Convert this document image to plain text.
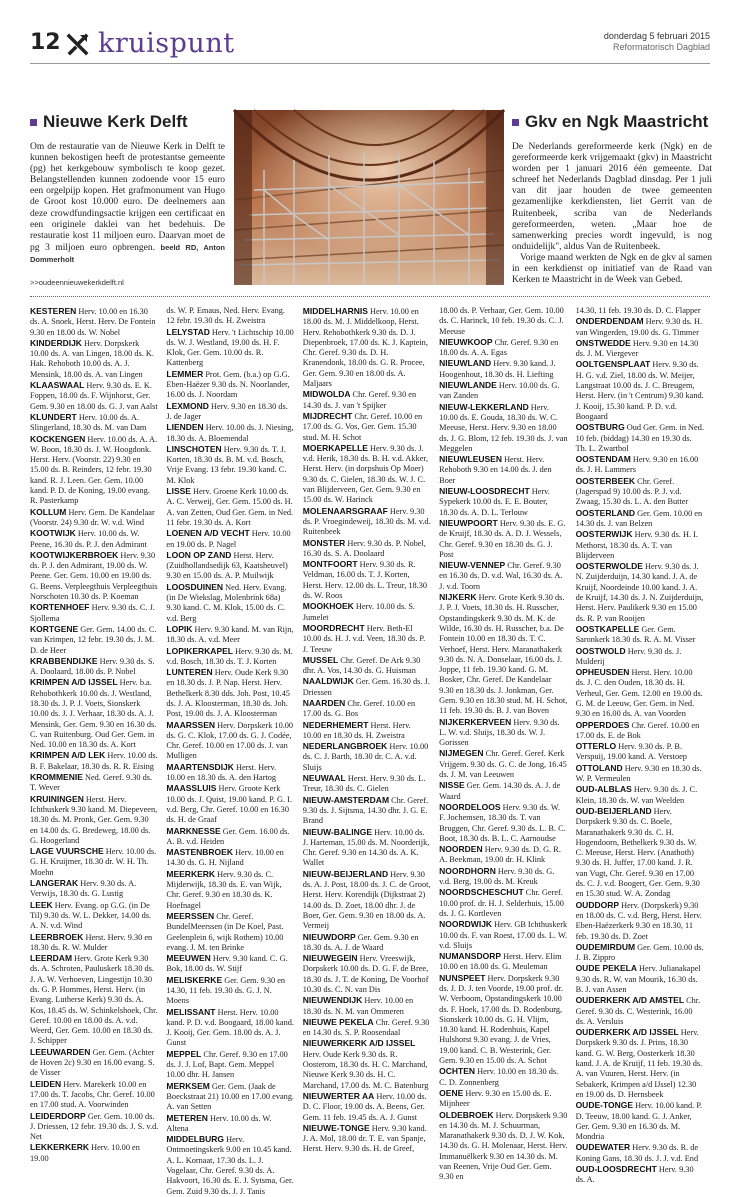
12 kruispunt	donderdag 5 februari 2015
Reformatorisch Dagblad
Nieuwe Kerk Delft

Om de restauratie van de Nieuwe Kerk in Delft te kunnen bekostigen heeft de protestantse gemeente (pg) het kerkgebouw symbolisch te koop gezet. Belangstellenden kunnen zodoende voor 15 euro een orgelpijp kopen. Het grafmonument van Hugo de Groot kost 10.000 euro. De deelnemers aan deze crowdfundingsactie krijgen een certificaat en een originele daklei van het bedehuis. De restauratie kost 11 miljoen euro. Daarvan moet de pg 3 miljoen euro opbrengen. beeld RD, Anton Dommerholt

>>oudeennieuwekerkdelft.nl
Gkv en Ngk Maastricht

De Nederlands gereformeerde kerk (Ngk) en de gereformeerde kerk vrijgemaakt (gkv) in Maastricht worden per 1 januari 2016 één gemeente. Dat schreef het Nederlands Dagblad dinsdag. Per 1 juli van dit jaar houden de twee gemeenten gezamenlijke kerkdiensten, liet Gerrit van de Ruitenbeek, scriba van de Nederlands gereformeerden, weten. „Maar hoe de samenwerking precies wordt ingevuld, is nog onduidelijk", aldus Van de Ruitenbeek.

Vorige maand werkten de Ngk en de gkv al samen in een kerkdienst op initiatief van de Raad van Kerken te Maastricht in de Week van Gebed.

KESTEREN Herv. 10.00 en 16.30 ds. A. Snoek, Herst. Herv. De Fontein 9.30 en 18.00 ds. W. Nobel

KINDERDIJK Herv. Dorpskerk 10.00 ds. A. van Lingen, 18.00 ds. K. Hak. Rehoboth 10.00 ds. A. J. Mensink, 18.00 ds. A. van Lingen

KLAASWAAL Herv. 9.30 ds. E. K. Foppen, 18.00 ds. F. Wijnhorst, Ger. Gem. 9.30 en 18.00 ds. G. J. van Aalst

KLUNDERT Herv. 10.00 ds. A. Slingerland, 18.30 ds. M. van Dam

KOCKENGEN Herv. 10.00 ds. A. A. W. Boon, 18.30 ds. J. W. Hoogdonk. Herst. Herv. (Voorstr. 22) 9.30 en 15.00 ds. B. Reinders, 12 febr. 19.30 kand. R. J. Leen. Ger. Gem. 10.00 kand. P. D. de Koning, 19.00 evang. R. Pasterkamp

KOLLUM Herv. Gem. De Kandelaar (Voorstr. 24) 9.30 dr. W. v.d. Wind

KOOTWIJK Herv. 10.00 ds. W. Peene, 16.30 ds. P. J. den Admirant

KOOTWIJKERBROEK Herv. 9.30 ds. P. J. den Admirant, 19.00 ds. W. Peene. Ger. Gem. 10.00 en 19.00 ds. G. Beens. Verpleegthuis Verpleegthuis Norschoten 10.30 ds. P. Koeman

KORTENHOEF Herv. 9.30 ds. C. J. Sjollema

KORTGENE Ger. Gem. 14.00 ds. C. van Krimpen, 12 febr. 19.30 ds. J. M. D. de Heer

KRABBENDIJKE Herv. 9.30 ds. S. A. Doolaard, 18.00 ds. P. Nobel

KRIMPEN A/D IJSSEL Herv. b.a. Rehobothkerk 10.00 ds. J. Westland, 18.30 ds. J. P. J. Voets, Sionskerk 10.00 ds. J. J. Verhaar, 18.30 ds. A. J. Mensink, Ger. Gem. 9.30 en 16.30 ds. C. van Ruitenburg. Oud Ger. Gem. in Ned. 10.00 en 18.30 ds. A. Kort

KRIMPEN A/D LEK Herv. 10.00 ds. B. F. Bakelaar, 18.30 ds. R. R. Eising

KROMMENIE Ned. Geref. 9.30 ds. T. Wever

KRUININGEN Herst. Herv. Ichthuskerk 9.30 kand. M. Diepeveen, 18.30 ds. M. Pronk, Ger. Gem. 9.30 en 14.00 ds. G. Bredeweg, 18.00 ds. G. Hoogerland

LAGE VUURSCHE Herv. 10.00 ds. G. H. Kruijmer, 18.30 dr. W. H. Th. Moehn

LANGERAK Herv. 9.30 ds. A. Verwijs, 18.30 ds. G. Lustig

LEEK Herv. Evang. op G.G. (in De Til) 9.30 ds. W. L. Dekker, 14.00 ds. A. N. v.d. Wind

LEERBROEK Herst. Herv. 9.30 en 18.30 ds. R. W. Mulder

LEERDAM Herv. Grote Kerk 9.30 ds. A. Schroten, Pauluskerk 18.30 ds. J. A. W. Verhoeven, Lingestijn 10.30 ds. G. P. Hommes, Herst. Herv. (in Evang. Lutherse Kerk) 9.30 ds. A. Kos, 18.45 ds. W. Schinkelshoek, Chr. Geref. 10.00 en 18.00 ds. A. v.d. Weerd, Ger. Gem. 10.00 en 18.30 ds. J. Schipper

LEEUWARDEN Ger. Gem. (Achter de Hoven 2c) 9.30 en 16.00 evang. S. de Visser

LEIDEN Herv. Marekerk 10.00 en 17.00 ds. T. Jacobs, Chr. Geref. 10.00 en 17.00 stud. A. Voorwinden

LEIDERDORP Ger. Gem. 10.00 ds. J. Driessen, 12 febr. 19.30 ds. J. S. v.d. Net

LEKKERKERK Herv. 10.00 en 19.00

ds. W. P. Emaus, Ned. Herv. Evang. 12 febr. 19.30 ds. H. Zweistra

LELYSTAD Herv. 't Lichtschip 10.00 ds. W. J. Westland, 19.00 ds. H. F. Klok, Ger. Gem. 10.00 ds. R. Kattenberg

LEMMER Prot. Gem. (b.a.) op G.G. Eben-Haëzer 9.30 ds. N. Noorlander, 16.00 ds. J. Noordam

LEXMOND Herv. 9.30 en 18.30 ds. J. de Jager

LIENDEN Herv. 10.00 ds. J. Niesing, 18.30 ds. A. Bloemendal

LINSCHOTEN Herv. 9.30 ds. T. J. Korten, 18.30 ds. B. M. v.d. Bosch, Vrije Evang. 13 febr. 19.30 kand. C. M. Klok

LISSE Herv. Groene Kerk 10.00 ds. A. C. Verweij, Ger. Gem. 15.00 ds. H. A. van Zetten, Oud Ger. Gem. in Ned. 11 febr. 19.30 ds. A. Kort

LOENEN A/D VECHT Herv. 10.00 en 19.00 ds. P. Nagel

LOON OP ZAND Herst. Herv. (Zuidhollandsedijk 63, Kaatsheuvel) 9.30 en 15.00 ds. A. P. Muilwijk

LOOSDUINEN Ned. Herv. Evang. (in De Wiekslag, Molenbrink 68a) 9.30 kand. C. M. Klok, 15.00 ds. C. v.d. Berg

LOPIK Herv. 9.30 kand. M. van Rijn, 18.30 ds. A. v.d. Meer

LOPIKERKAPEL Herv. 9.30 ds. M. v.d. Bosch, 18.30 ds. T. J. Korten

LUNTEREN Herv. Oude Kerk 9.30 en 18.30 ds. J. P. Nap. Herst. Herv. Bethelkerk 8.30 dds. Joh. Post, 10.45 ds. J. A. Kloosterman, 18.30 ds. Joh. Post, 19.00 ds. J. A. Kloosterman

MAARSSEN Herv. Dorpskerk 10.00 ds. G. C. Klok, 17.00 ds. G. J. Codée, Chr. Geref. 10.00 en 17.00 ds. J. van Mulligen

MAARTENSDIJK Herst. Herv. 10.00 en 18.30 ds. A. den Hartog

MAASSLUIS Herv. Groote Kerk 10.00 ds. J. Quist, 19.00 kand. P. G. I. v.d. Berg, Chr. Geref. 10.00 en 16.30 ds. H. de Graaf

MARKNESSE Ger. Gem. 16.00 ds. A. B. v.d. Heiden

MASTENBROEK Herv. 10.00 en 14.30 ds. G. H. Nijland

MEERKERK Herv. 9.30 ds. C. Mijderwijk, 18.30 ds. E. van Wijk, Chr. Geref. 9.30 en 18.30 ds. K. Hoefnagel

MEERSSEN Chr. Geref. BundelMeerssen (in De Koel, Past. Geelenplein 6, wijk Rothem) 10.00 evang. J. M. ten Brinke

MEEUWEN Herv. 9.30 kand. C. G. Bok, 18.00 ds. W. Stijf

MELISKERKE Ger. Gem. 9.30 en 14.30, 11 feb. 19.30 ds. G. J. N. Moens

MELISSANT Herst. Herv. 10.00 kand. P. D. v.d. Boogaard, 18.00 kand. J. Kooij, Ger. Gem. 18.00 ds. A. J. Gunst

MEPPEL Chr. Geref. 9.30 en 17.00 ds. J. J. Lof, Bapt. Gem. Meppel 10.00 dhr. H. Jansen

MERKSEM Ger. Gem. (Jaak de Boeckstraat 21) 10.00 en 17.00 evang. A. van Setten

METEREN Herv. 10.00 ds. W. Altena

MIDDELBURG Herv. Ontmoetingskerk 9.00 en 10.45 kand. A. L. Kornaat, 17.30 ds. L. J. Vogelaar, Chr. Geref. 9.30 ds. A. Hakvoort, 16.30 ds. E. J. Sytsma, Ger. Gem. Zuid 9.30 ds. J. J. Tanis

MIDDELHARNIS Herv. 10.00 en 18.00 ds. M. J. Middelkoop, Herst. Herv. Rehobothkerk 9.30 ds. D. J. Diepenbroek, 17.00 ds. K. J. Kaptein, Chr. Geref. 9.30 ds. D. H. Kranendonk, 18.00 ds. G. R. Procee, Ger. Gem. 9.30 en 18.00 ds. A. Maljaars

MIDWOLDA Chr. Geref. 9.30 en 14.30 ds. J. van 't Spijker

MIJDRECHT Chr. Geref. 10.00 en 17.00 ds. G. Vos, Ger. Gem. 15.30 stud. M. H. Schot

MOERKAPELLE Herv. 9.30 ds. J. v.d. Herik, 18.30 ds. B. H. v.d. Akker, Herst. Herv. (in dorpshuis Op Moer) 9.30 ds. C. Gielen, 18.30 ds. W. J. C. van Blijderveen, Ger. Gem. 9.30 en 15.00 ds. W. Harinck

MOLENAARSGRAAF Herv. 9.30 ds. P. Vroegindeweij, 18.30 ds. M. v.d. Ruitenbeek

MONSTER Herv. 9.30 ds. P. Nobel, 16.30 ds. S. A. Doolaard

MONTFOORT Herv. 9.30 ds. R. Veldman, 16.00 ds. T. J. Korten, Herst. Herv. 12.00 ds. L. Treur, 18.30 ds. W. Roos

MOOKHOEK Herv. 10.00 ds. S. Jumelet

MOORDRECHT Herv. Beth-El 10.00 ds. H. J. v.d. Veen, 18.30 ds. P. J. Teeuw

MUSSEL Chr. Geref. De Ark 9.30 dhr. A. Vos, 14.30 ds. G. Huisman

NAALDWIJK Ger. Gem. 16.30 ds. J. Driessen

NAARDEN Chr. Geref. 10.00 en 17.00 ds. G. Bos

NEDERHEMERT Herst. Herv. 10.00 en 18.30 ds. H. Zweistra

NEDERLANGBROEK Herv. 10.00 ds. C. J. Barth, 18.30 dr. C. A. v.d. Sluijs

NEUWAAL Herst. Herv. 9.30 ds. L. Treur, 18.30 ds. C. Gielen

NIEUW-AMSTERDAM Chr. Geref. 9.30 ds. J. Sijtsma, 14.30 dhr. J. G. E. Brand

NIEUW-BALINGE Herv. 10.00 ds. J. Harteman, 15.00 ds. M. Noorderijk, Chr. Geref. 9.30 en 14.30 ds. A. K. Wallet

NIEUW-BEIJERLAND Herv. 9.30 ds. A. J. Post, 18.00 ds. J. C. de Groot, Herst. Herv. Korendijk (Dijkstraat 2) 14.00 ds. D. Zoet, 18.00 dhr. J. de Boer, Ger. Gem. 9.30 en 18.00 ds. A. Vermeij

NIEUWDORP Ger. Gem. 9.30 en 18.30 ds. A. J. de Waard

NIEUWEGEIN Herv. Vreeswijk, Dorpskerk 10.00 ds. D. G. F. de Bree, 18.30 ds. J. T. de Koning, De Voorhof 10.30 ds. C. N. van Dis

NIEUWENDIJK Herv. 10.00 en 18.30 ds. N. M. van Ommeren

NIEUWE PEKELA Chr. Geref. 9.30 en 14.30 ds. S. P. Roosendaal

NIEUWERKERK A/D IJSSEL Herv. Oude Kerk 9.30 ds. R. Oosterom, 18.30 ds. H. C. Marchand, Nieuwe Kerk 9.30 ds. H. C. Marchand, 17.00 ds. M. C. Batenburg

NIEUWERTER AA Herv. 10.00 ds. D. C. Floor, 19.00 ds. A. Beens, Ger. Gem. 11 feb. 19.45 ds. A. J. Gunst

NIEUWE-TONGE Herv. 9.30 kand. J. A. Mol, 18.00 dr. T. E. van Spanje, Herst. Herv. 9.30 ds. H. de Greef,

18.00 ds. P. Verhaar, Ger. Gem. 10.00 ds. C. Harinck, 10 feb. 19.30 ds. C. J. Meeuse

NIEUWKOOP Chr. Geref. 9.30 en 18.00 ds. A. A. Egas

NIEUWLAND Herv. 9.30 kand. J. Hoogenhout, 18.30 ds. H. Liefting

NIEUWLANDE Herv. 10.00 ds. G. van Zanden

NIEUW-LEKKERLAND Herv. 10.00 ds. E. Gouda, 18.30 ds. W. C. Meeuse, Herst. Herv. 9.30 en 18.00 ds. J. G. Blom, 12 feb. 19.30 ds. J. van Meggelen

NIEUWLEUSEN Herst. Herv. Rehoboth 9.30 en 14.00 ds. J. den Boer

NIEUW-LOOSDRECHT Herv. Sypekerk 10.00 ds. E. E. Bouter, 18.30 ds. A. D. L. Terlouw

NIEUWPOORT Herv. 9.30 ds. E. G. de Kruijf, 18.30 ds. A. D. J. Wessels, Chr. Geref. 9.30 en 18.30 ds. G. J. Post

NIEUW-VENNEP Chr. Geref. 9.30 en 16.30 ds. D. v.d. Wal, 16.30 ds. A. J. v.d. Toorn

NIJKERK Herv. Grote Kerk 9.30 ds. J. P. J. Voets, 18.30 ds. H. Russcher, Opstandingskerk 9.30 ds. M. K. de Wilde, 16.30 ds. H. Russcher, b.a. De Fontein 10.00 en 18.30 ds. T. C. Verhoef, Herst. Herv. Maranathakerk 9.30 ds. N. A. Donselaar, 16.00 ds. J. Joppe, 11 feb. 19.30 kand. G. M. Bosker, Chr. Geref. De Kandelaar 9.30 en 18.30 ds. J. Jonkman, Ger. Gem. 9.30 en 18.30 stud. M. H. Schot, 11 feb. 19.30 ds. B. J. van Boven

NIJKERKERVEEN Herv. 9.30 ds. L. W. v.d. Sluijs, 18.30 ds. W. J. Gorissen

NIJMEGEN Chr. Geref. Geref. Kerk Vrijgem. 9.30 ds. G. C. de Jong, 16.45 ds. J. M. van Leeuwen

NISSE Ger. Gem. 14.30 ds. A. J. de Waard

NOORDELOOS Herv. 9.30 ds. W. F. Jochemsen, 18.30 ds. T. van Bruggen, Chr. Geref. 9.30 ds. L. B. C. Boot, 18.30 ds. B. L. C. Aarnoudse

NOORDEN Herv. 9.30 ds. D. G. R. A. Beekman, 19.00 dr. H. Klink

NOORDHORN Herv. 9.30 ds. G. v.d. Berg, 19.00 ds. M. Kreuk

NOORDSCHESCHUT Chr. Geref. 10.00 prof. dr. H. J. Selderhuis, 15.00 ds. J. G. Kortleven

NOORDWIJK Herv. GB Ichthuskerk 10.00 ds. F. van Roest, 17.00 ds. L. W. v.d. Sluijs

NUMANSDORP Herst. Herv. Elim 10.00 en 18.00 ds. G. Meuleman

NUNSPEET Herv. Dorpskerk 9.30 ds. J. D. J. ten Voorde, 19.00 prof. dr. W. Verboom, Opstandingskerk 10.00 ds. F. Hoek, 17.00 ds. D. Rodenburg, Sionskerk 10.00 ds. G. H. Vlijm, 18.30 kand. H. Rodenhuis, Kapel Hulshorst 9.30 evang. J. de Vries, 19.00 kand. C. B. Westerink, Ger. Gem. 9.30 en 15.00 ds. A. Schot

OCHTEN Herv. 10.00 en 18.30 ds. C. D. Zonnenberg

OENE Herv. 9.30 en 15.00 ds. E. Mijnheer

OLDEBROEK Herv. Dorpskerk 9.30 en 14.30 ds. M. J. Schuurman, Maranathakerk 9.30 ds. D. J. W. Kok, 14.30 ds. G. H. Molenaar, Herst. Herv. Immanuëlkerk 9.30 en 14.30 ds. M. van Reenen, Vrije Oud Ger. Gem. 9.30 en

14.30, 11 feb. 19.30 ds. D. C. Flapper

ONDERDENDAM Herv. 9.30 ds. H. van Wingerden, 19.00 ds. G. Timmer

ONSTWEDDE Herv. 9.30 en 14.30 ds. J. M. Viergever

OOLTGENSPLAAT Herv. 9.30 ds. H. G. v.d. Ziel, 18.00 ds. W. Meijer, Langstraat 10.00 ds. J. C. Breugem, Herst. Herv. (in 't Centrum) 9.30 kand. J. Kooij, 15.30 kand. P. D. v.d. Boogaard

OOSTBURG Oud Ger. Gem. in Ned. 10 feb. (biddag) 14.30 en 19.30 ds. Th. L. Zwartbol

OOSTENDAM Herv. 9.30 en 16.00 ds. J. H. Lammers

OOSTERBEEK Chr. Geref. (Jagerspad 9) 10.00 ds. P. J. v.d. Zwaag, 15.30 ds. L. A. den Butter

OOSTERLAND Ger. Gem. 10.00 en 14.30 ds. J. van Belzen

OOSTERWIJK Herv. 9.30 ds. H. I. Methorst, 18.30 ds. A. T. van Blijderveen

OOSTERWOLDE Herv. 9.30 ds. J. N. Zuijderduijn, 14.30 kand. J. A. de Kruijf, Noordeinde 10.00 kand. J. A. de Kruijf, 14.30 ds. J. N. Zuijderduijn, Herst. Herv. Paulikerk 9.30 en 15.00 ds. R. P. van Rooijen

OOSTKAPELLE Ger. Gem. Saronkerk 18.30 ds. R. A. M. Visser

OOSTWOLD Herv. 9.30 ds. J. Mulderij

OPHEUSDEN Herst. Herv. 10.00 ds. J. C. den Ouden, 18.30 ds. H. Verheul, Ger. Gem. 12.00 en 19.00 ds. G. M. de Leeuw, Ger. Gem. in Ned. 9.30 en 16.00 ds. A. van Voorden

OPPERDOES Chr. Geref. 10.00 en 17.00 ds. E. de Bok

OTTERLO Herv. 9.30 ds. P. B. Verspuij, 19.00 kand. A. Verstoep

OTTOLAND Herv. 9.30 en 18.30 ds. W. P. Vermeulen

OUD-ALBLAS Herv. 9.30 ds. J. C. Klein, 18.30 ds. W. van Weelden

OUD-BEIJERLAND Herv. Dorpskerk 9.30 ds. C. Boele, Maranathakerk 9.30 ds. C. H. Hogendoorn, Bethelkerk 9.30 ds. W. C. Meeuse, Herst. Herv. (Anathoth) 9.30 ds. H. Juffer, 17.00 kand. J. R. van Vugt, Chr. Geref. 9.30 en 17.00 ds. C. J. v.d. Boogert, Ger. Gem. 9.30 en 15.30 stud. W. A. Zondag

OUDDORP Herv. (Dorpskerk) 9.30 en 18.00 ds. C. v.d. Berg, Herst. Herv. Eben-Haëzerkerk 9.30 en 18.30, 11 feb. 19.30 ds. D. Zoet

OUDEMIRDUM Ger. Gem. 10.00 ds. J. B. Zippro

OUDE PEKELA Herv. Julianakapel 9.30 ds. R. W. van Mourik, 16.30 ds. B. J. van Assen

OUDERKERK A/D AMSTEL Chr. Geref. 9.30 ds. C. Westerink, 16.00 ds. A. Versluis

OUDERKERK A/D IJSSEL Herv. Dorpskerk 9.30 ds. J. Prins, 18.30 kand. G. W. Berg, Oosterkerk 18.30 kand. J. A. de Kruijf, 11 feb. 19.30 ds. A. van Vuuren, Herst. Herv. (in Sebakerk, Krimpen a/d IJssel) 12.30 en 19.00 ds. D. Hernsbeek

OUDE-TONGE Herv. 10.00 kand. P. D. Teeuw, 18.00 kand. G. J. Anker, Ger. Gem. 9.30 en 16.30 ds. M. Mondria

OUDEWATER Herv. 9.30 ds. R. de Koning Gans, 18.30 ds. J. J. v.d. End

OUD-LOOSDRECHT Herv. 9.30 ds. A.
